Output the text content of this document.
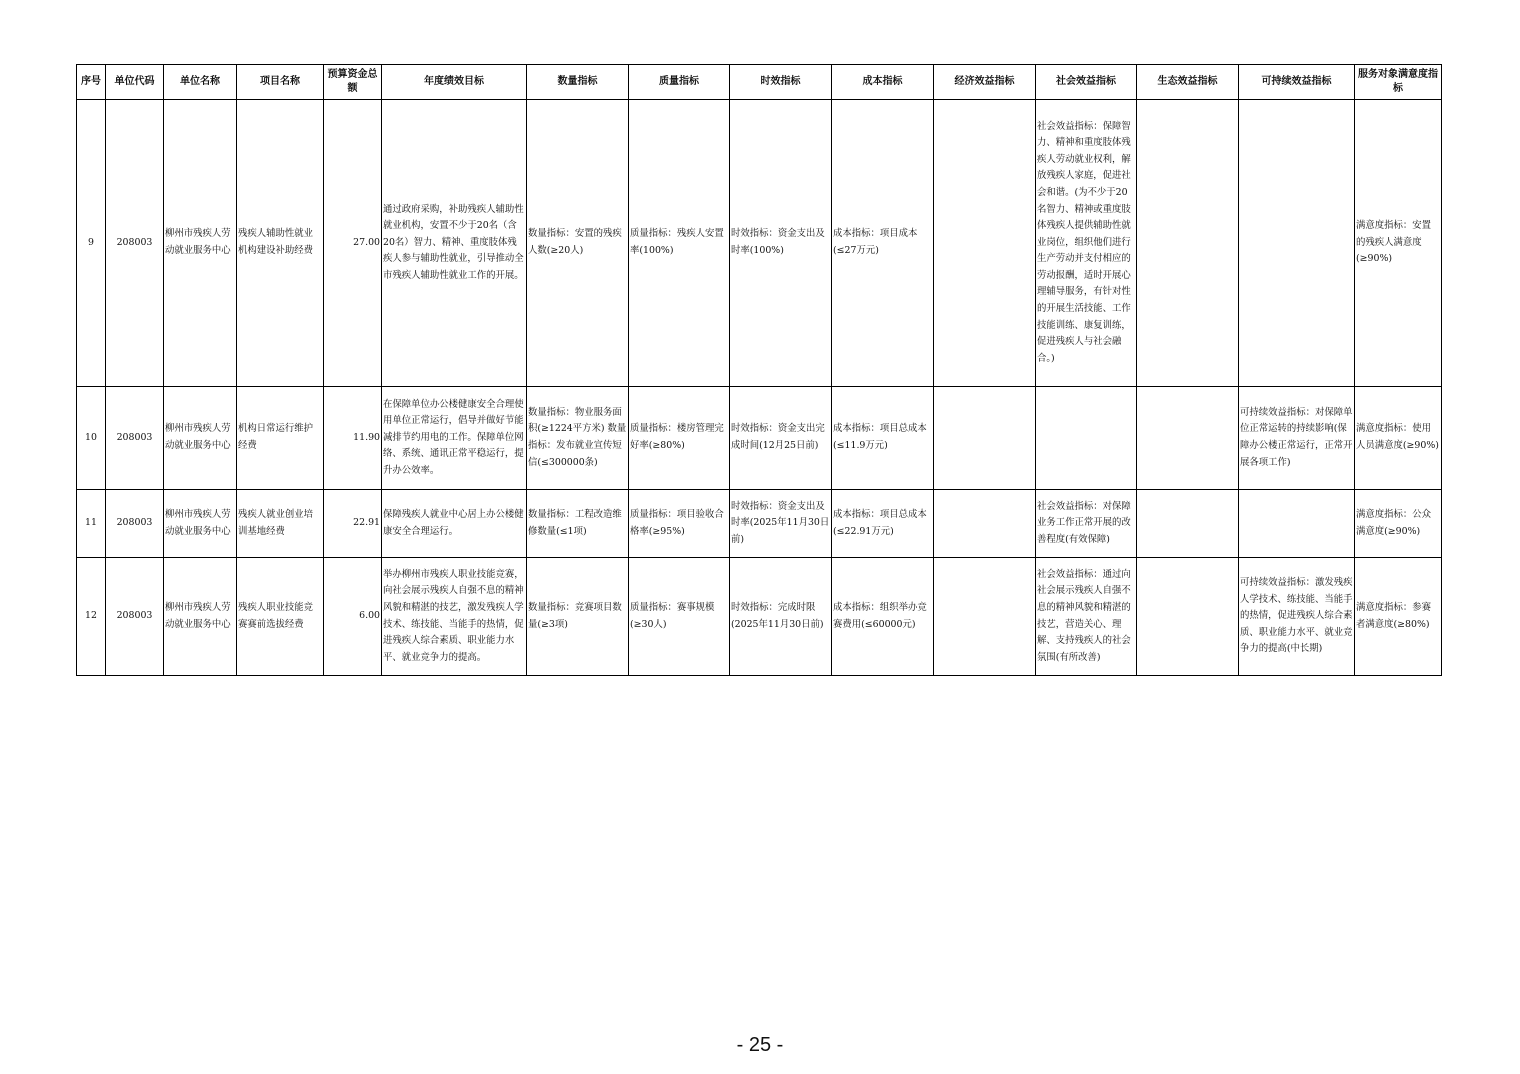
序号	单位代码	单位名称	项目名称	预算资金总额	年度绩效目标	数量指标	质量指标	时效指标	成本指标	经济效益指标	社会效益指标	生态效益指标	可持续效益指标	服务对象满意度指标
9	208003	柳州市残疾人劳动就业服务中心	残疾人辅助性就业机构建设补助经费	27.00	通过政府采购，补助残疾人辅助性就业机构，安置不少于20名（含20名）智力、精神、重度肢体残疾人参与辅助性就业，引导推动全市残疾人辅助性就业工作的开展。	数量指标：安置的残疾人数(≥20人)	质量指标：残疾人安置率(100%)	时效指标：资金支出及时率(100%)	成本指标：项目成本(≤27万元)		社会效益指标：保障智力、精神和重度肢体残疾人劳动就业权利，解放残疾人家庭，促进社会和谐。(为不少于20名智力、精神或重度肢体残疾人提供辅助性就业岗位，组织他们进行生产劳动并支付相应的劳动报酬，适时开展心理辅导服务，有针对性的开展生活技能、工作技能训练、康复训练，促进残疾人与社会融合。)			满意度指标：安置的残疾人满意度(≥90%)
10	208003	柳州市残疾人劳动就业服务中心	机构日常运行维护经费	11.90	在保障单位办公楼健康安全合理使用单位正常运行，倡导并做好节能减排节约用电的工作。保障单位网络、系统、通讯正常平稳运行，提升办公效率。	数量指标：物业服务面积(≥1224平方米) 数量指标：发布就业宣传短信(≤300000条)	质量指标：楼房管理完好率(≥80%)	时效指标：资金支出完成时间(12月25日前)	成本指标：项目总成本(≤11.9万元)				可持续效益指标：对保障单位正常运转的持续影响(保障办公楼正常运行，正常开展各项工作)	满意度指标：使用人员满意度(≥90%)
11	208003	柳州市残疾人劳动就业服务中心	残疾人就业创业培训基地经费	22.91	保障残疾人就业中心居上办公楼健康安全合理运行。	数量指标：工程改造维修数量(≤1项)	质量指标：项目验收合格率(≥95%)	时效指标：资金支出及时率(2025年11月30日前)	成本指标：项目总成本(≤22.91万元)		社会效益指标：对保障业务工作正常开展的改善程度(有效保障)			满意度指标：公众满意度(≥90%)
12	208003	柳州市残疾人劳动就业服务中心	残疾人职业技能竞赛赛前选拔经费	6.00	举办柳州市残疾人职业技能竞赛，向社会展示残疾人自强不息的精神风貌和精湛的技艺，激发残疾人学技术、练技能、当能手的热情，促进残疾人综合素质、职业能力水平、就业竞争力的提高。	数量指标：竞赛项目数量(≥3项)	质量指标：赛事规模(≥30人)	时效指标：完成时限(2025年11月30日前)	成本指标：组织举办竞赛费用(≤60000元)		社会效益指标：通过向社会展示残疾人自强不息的精神风貌和精湛的技艺，营造关心、理解、支持残疾人的社会氛围(有所改善)		可持续效益指标：激发残疾人学技术、练技能、当能手的热情，促进残疾人综合素质、职业能力水平、就业竞争力的提高(中长期)	满意度指标：参赛者满意度(≥80%)
- 25 -
